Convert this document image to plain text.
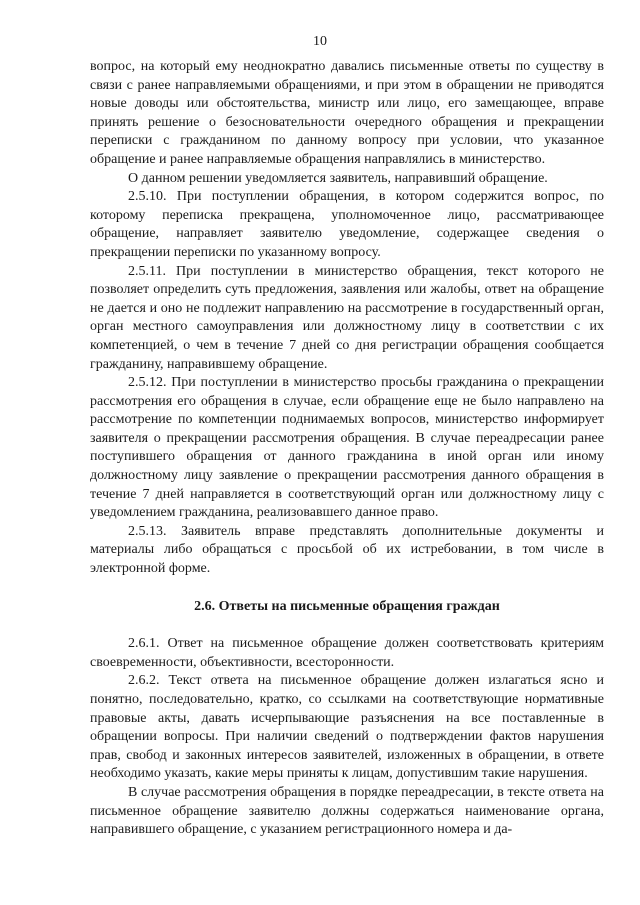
10

вопрос, на который ему неоднократно давались письменные ответы по существу в связи с ранее направляемыми обращениями, и при этом в обращении не приводятся новые доводы или обстоятельства, министр или лицо, его замещающее, вправе принять решение о безосновательности очередного обращения и прекращении переписки с гражданином по данному вопросу при условии, что указанное обращение и ранее направляемые обращения направлялись в министерство.

О данном решении уведомляется заявитель, направивший обращение.

2.5.10. При поступлении обращения, в котором содержится вопрос, по которому переписка прекращена, уполномоченное лицо, рассматривающее обращение, направляет заявителю уведомление, содержащее сведения о прекращении переписки по указанному вопросу.

2.5.11. При поступлении в министерство обращения, текст которого не позволяет определить суть предложения, заявления или жалобы, ответ на обращение не дается и оно не подлежит направлению на рассмотрение в государственный орган, орган местного самоуправления или должностному лицу в соответствии с их компетенцией, о чем в течение 7 дней со дня регистрации обращения сообщается гражданину, направившему обращение.

2.5.12. При поступлении в министерство просьбы гражданина о прекращении рассмотрения его обращения в случае, если обращение еще не было направлено на рассмотрение по компетенции поднимаемых вопросов, министерство информирует заявителя о прекращении рассмотрения обращения. В случае переадресации ранее поступившего обращения от данного гражданина в иной орган или иному должностному лицу заявление о прекращении рассмотрения данного обращения в течение 7 дней направляется в соответствующий орган или должностному лицу с уведомлением гражданина, реализовавшего данное право.

2.5.13. Заявитель вправе представлять дополнительные документы и материалы либо обращаться с просьбой об их истребовании, в том числе в электронной форме.

2.6. Ответы на письменные обращения граждан

2.6.1. Ответ на письменное обращение должен соответствовать критериям своевременности, объективности, всесторонности.

2.6.2. Текст ответа на письменное обращение должен излагаться ясно и понятно, последовательно, кратко, со ссылками на соответствующие нормативные правовые акты, давать исчерпывающие разъяснения на все поставленные в обращении вопросы. При наличии сведений о подтверждении фактов нарушения прав, свобод и законных интересов заявителей, изложенных в обращении, в ответе необходимо указать, какие меры приняты к лицам, допустившим такие нарушения.

В случае рассмотрения обращения в порядке переадресации, в тексте ответа на письменное обращение заявителю должны содержаться наименование органа, направившего обращение, с указанием регистрационного номера и да-
